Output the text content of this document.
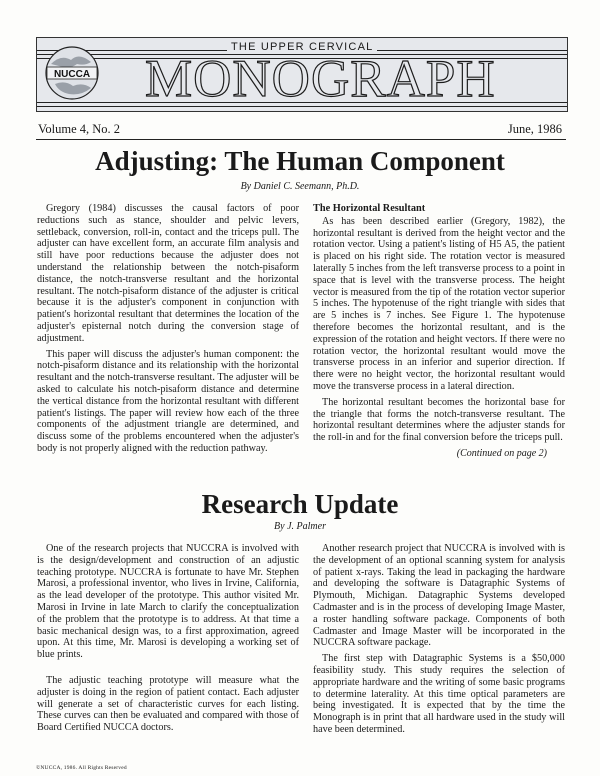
THE UPPER CERVICAL
MONOGRAPH
NUCCA
Volume 4, No. 2	June, 1986
Adjusting: The Human Component
By Daniel C. Seemann, Ph.D.

Gregory (1984) discusses the causal factors of poor reductions such as stance, shoulder and pelvic levers, settleback, conversion, roll-in, contact and the triceps pull. The adjuster can have excellent form, an accurate film analysis and still have poor reductions because the adjuster does not understand the relationship between the notch-pisaform distance, the notch-transverse resultant and the horizontal resultant. The notch-pisaform distance of the adjuster is critical because it is the adjuster's component in conjunction with patient's horizontal resultant that determines the location of the adjuster's episternal notch during the conversion stage of adjustment.

This paper will discuss the adjuster's human component: the notch-pisaform distance and its relationship with the horizontal resultant and the notch-transverse resultant. The adjuster will be asked to calculate his notch-pisaform distance and determine the vertical distance from the horizontal resultant with different patient's listings. The paper will review how each of the three components of the adjustment triangle are determined, and discuss some of the problems encountered when the adjuster's body is not properly aligned with the reduction pathway.

The Horizontal Resultant

As has been described earlier (Gregory, 1982), the horizontal resultant is derived from the height vector and the rotation vector. Using a patient's listing of H5 A5, the patient is placed on his right side. The rotation vector is measured laterally 5 inches from the left transverse process to a point in space that is level with the transverse process. The height vector is measured from the tip of the rotation vector superior 5 inches. The hypotenuse of the right triangle with sides that are 5 inches is 7 inches. See Figure 1. The hypotenuse therefore becomes the horizontal resultant, and is the expression of the rotation and height vectors. If there were no rotation vector, the horizontal resultant would move the transverse process in an inferior and superior direction. If there were no height vector, the horizontal resultant would move the transverse process in a lateral direction.

The horizontal resultant becomes the horizontal base for the triangle that forms the notch-transverse resultant. The horizontal resultant determines where the adjuster stands for the roll-in and for the final conversion before the triceps pull.

(Continued on page 2)
Research Update
By J. Palmer

One of the research projects that NUCCRA is involved with is the design/development and construction of an adjustic teaching prototype. NUCCRA is fortunate to have Mr. Stephen Marosi, a professional inventor, who lives in Irvine, California, as the lead developer of the prototype. This author visited Mr. Marosi in Irvine in late March to clarify the conceptualization of the problem that the prototype is to address. At that time a basic mechanical design was, to a first approximation, agreed upon. At this time, Mr. Marosi is developing a working set of blue prints.

The adjustic teaching prototype will measure what the adjuster is doing in the region of patient contact. Each adjuster will generate a set of characteristic curves for each listing. These curves can then be evaluated and compared with those of Board Certified NUCCA doctors.

Another research project that NUCCRA is involved with is the development of an optional scanning system for analysis of patient x-rays. Taking the lead in packaging the hardware and developing the software is Datagraphic Systems of Plymouth, Michigan. Datagraphic Systems developed Cadmaster and is in the process of developing Image Master, a roster handling software package. Components of both Cadmaster and Image Master will be incorporated in the NUCCRA software package.

The first step with Datagraphic Systems is a $50,000 feasibility study. This study requires the selection of appropriate hardware and the writing of some basic programs to determine laterality. At this time optical parameters are being investigated. It is expected that by the time the Monograph is in print that all hardware used in the study will have been determined.

©NUCCA, 1986. All Rights Reserved
